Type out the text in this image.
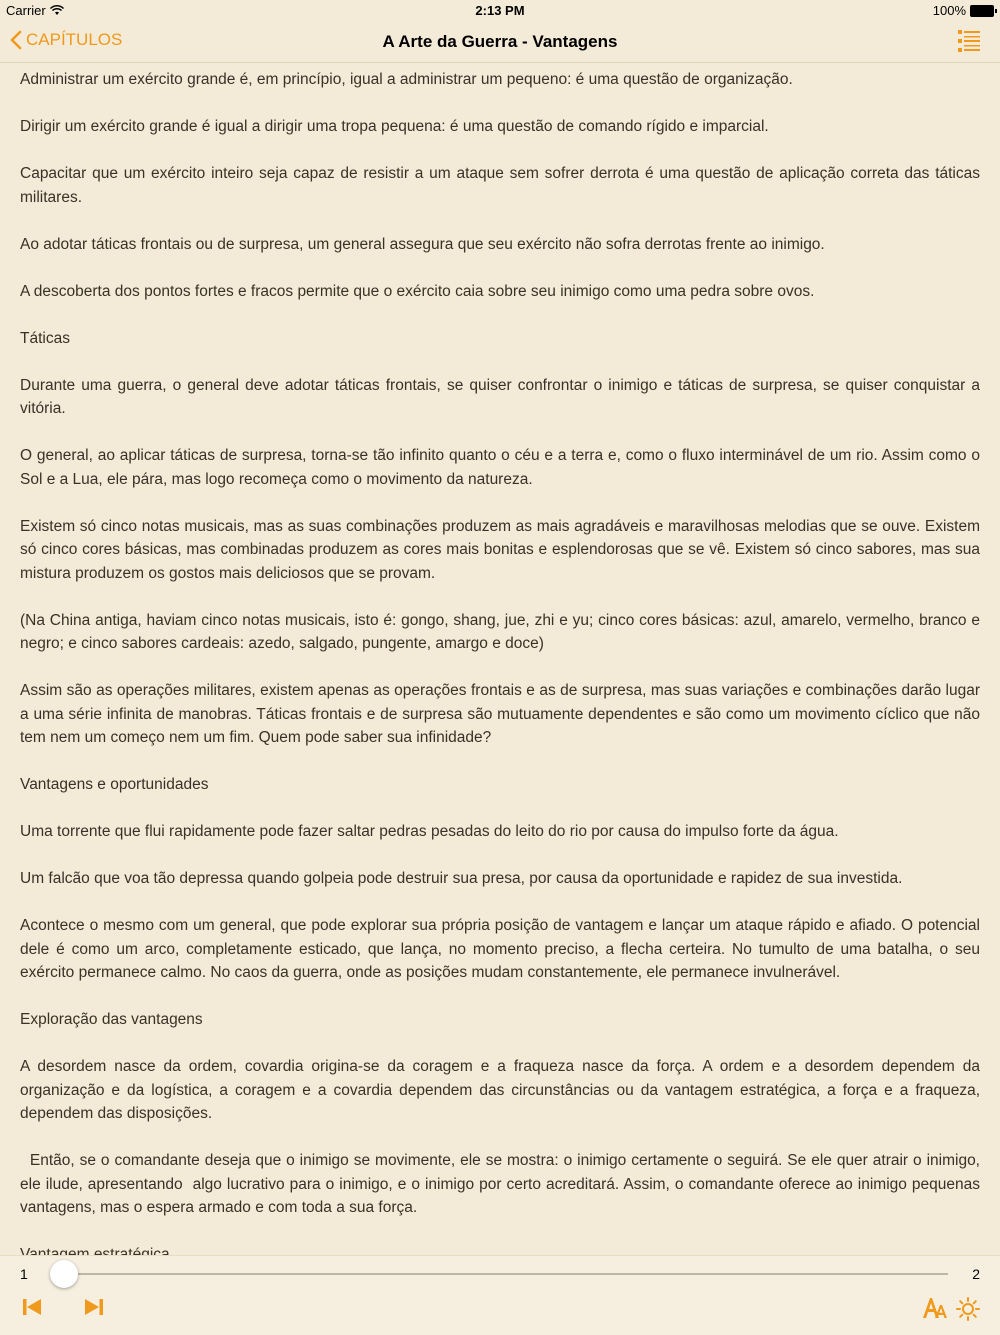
Carrier	2:13 PM	100%
CAPÍTULOS	A Arte da Guerra - Vantagens

Administrar um exército grande é, em princípio, igual a administrar um pequeno: é uma questão de organização.

Dirigir um exército grande é igual a dirigir uma tropa pequena: é uma questão de comando rígido e imparcial.

Capacitar que um exército inteiro seja capaz de resistir a um ataque sem sofrer derrota é uma questão de aplicação correta das táticas militares.

Ao adotar táticas frontais ou de surpresa, um general assegura que seu exército não sofra derrotas frente ao inimigo.

A descoberta dos pontos fortes e fracos permite que o exército caia sobre seu inimigo como uma pedra sobre ovos.

Táticas

Durante uma guerra, o general deve adotar táticas frontais, se quiser confrontar o inimigo e táticas de surpresa, se quiser conquistar a vitória.

O general, ao aplicar táticas de surpresa, torna-se tão infinito quanto o céu e a terra e, como o fluxo interminável de um rio. Assim como o Sol e a Lua, ele pára, mas logo recomeça como o movimento da natureza.

Existem só cinco notas musicais, mas as suas combinações produzem as mais agradáveis e maravilhosas melodias que se ouve. Existem só cinco cores básicas, mas combinadas produzem as cores mais bonitas e esplendorosas que se vê. Existem só cinco sabores, mas sua mistura produzem os gostos mais deliciosos que se provam.

(Na China antiga, haviam cinco notas musicais, isto é: gongo, shang, jue, zhi e yu; cinco cores básicas: azul, amarelo, vermelho, branco e negro; e cinco sabores cardeais: azedo, salgado, pungente, amargo e doce)

Assim são as operações militares, existem apenas as operações frontais e as de surpresa, mas suas variações e combinações darão lugar a uma série infinita de manobras. Táticas frontais e de surpresa são mutuamente dependentes e são como um movimento cíclico que não tem nem um começo nem um fim. Quem pode saber sua infinidade?

Vantagens e oportunidades

Uma torrente que flui rapidamente pode fazer saltar pedras pesadas do leito do rio por causa do impulso forte da água.

Um falcão que voa tão depressa quando golpeia pode destruir sua presa, por causa da oportunidade e rapidez de sua investida.

Acontece o mesmo com um general, que pode explorar sua própria posição de vantagem e lançar um ataque rápido e afiado. O potencial dele é como um arco, completamente esticado, que lança, no momento preciso, a flecha certeira. No tumulto de uma batalha, o seu exército permanece calmo. No caos da guerra, onde as posições mudam constantemente, ele permanece invulnerável.

Exploração das vantagens

A desordem nasce da ordem, covardia origina-se da coragem e a fraqueza nasce da força. A ordem e a desordem dependem da organização e da logística, a coragem e a covardia dependem das circunstâncias ou da vantagem estratégica, a força e a fraqueza, dependem das disposições.

Então, se o comandante deseja que o inimigo se movimente, ele se mostra: o inimigo certamente o seguirá. Se ele quer atrair o inimigo, ele ilude, apresentando  algo lucrativo para o inimigo, e o inimigo por certo acreditará. Assim, o comandante oferece ao inimigo pequenas vantagens, mas o espera armado e com toda a sua força.

1	2
